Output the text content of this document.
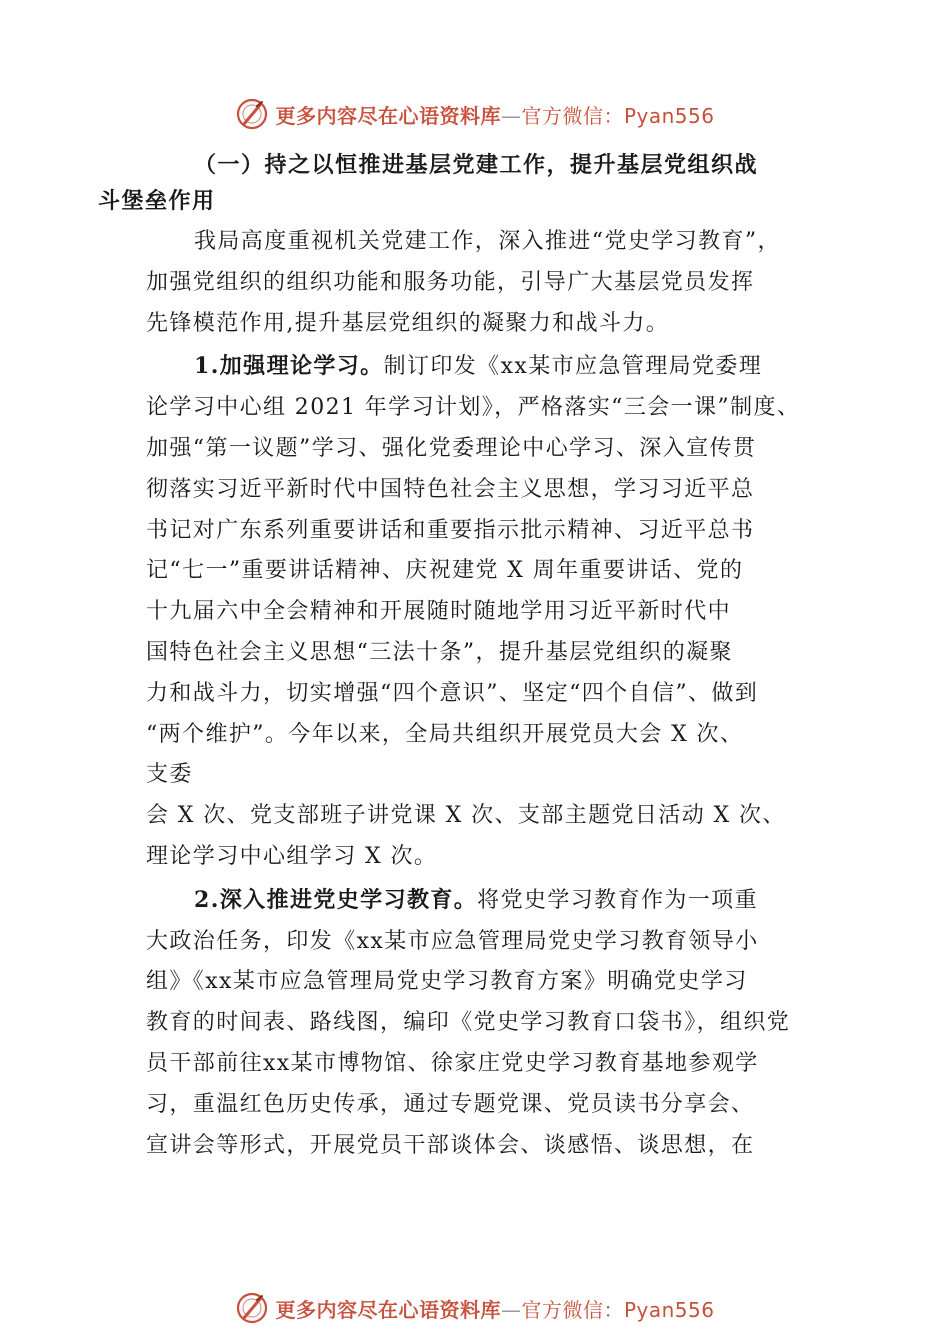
更多内容尽在心语资料库—官方微信：Pyan556
（一）持之以恒推进基层党建工作，提升基层党组织战
斗堡垒作用

我局高度重视机关党建工作，深入推进“党史学习教育”，
加强党组织的组织功能和服务功能，引导广大基层党员发挥
先锋模范作用,提升基层党组织的凝聚力和战斗力。

1.加强理论学习。制订印发《xx某市应急管理局党委理
论学习中心组 2021 年学习计划》，严格落实“三会一课”制度、
加强“第一议题”学习、强化党委理论中心学习、深入宣传贯
彻落实习近平新时代中国特色社会主义思想，学习习近平总
书记对广东系列重要讲话和重要指示批示精神、习近平总书
记“七一”重要讲话精神、庆祝建党 X 周年重要讲话、党的
十九届六中全会精神和开展随时随地学用习近平新时代中
国特色社会主义思想“三法十条”，提升基层党组织的凝聚
力和战斗力，切实增强“四个意识”、坚定“四个自信”、做到
“两个维护”。今年以来，全局共组织开展党员大会 X 次、
支委
会 X 次、党支部班子讲党课 X 次、支部主题党日活动 X 次、
理论学习中心组学习 X 次。

2.深入推进党史学习教育。将党史学习教育作为一项重
大政治任务，印发《xx某市应急管理局党史学习教育领导小
组》《xx某市应急管理局党史学习教育方案》明确党史学习
教育的时间表、路线图，编印《党史学习教育口袋书》，组织党
员干部前往xx某市博物馆、徐家庄党史学习教育基地参观学
习，重温红色历史传承，通过专题党课、党员读书分享会、
宣讲会等形式，开展党员干部谈体会、谈感悟、谈思想，在

更多内容尽在心语资料库—官方微信：Pyan556
